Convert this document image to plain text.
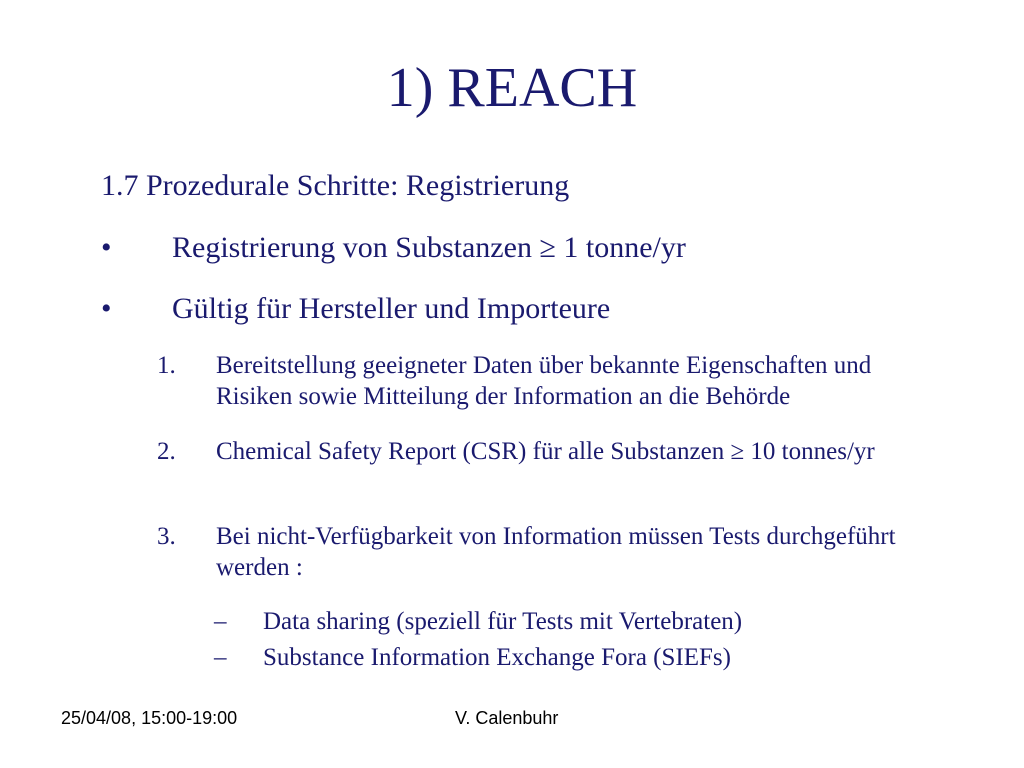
1) REACH
1.7 Prozedurale Schritte: Registrierung
• Registrierung von Substanzen ≥ 1 tonne/yr
• Gültig für Hersteller und Importeure
1. Bereitstellung geeigneter Daten über bekannte Eigenschaften und Risiken sowie Mitteilung der Information an die Behörde
2. Chemical Safety Report (CSR) für alle Substanzen ≥ 10 tonnes/yr
3. Bei nicht-Verfügbarkeit von Information müssen Tests durchgeführt werden :
– Data sharing (speziell für Tests mit Vertebraten)
– Substance Information Exchange Fora (SIEFs)
25/04/08, 15:00-19:00	V. Calenbuhr
